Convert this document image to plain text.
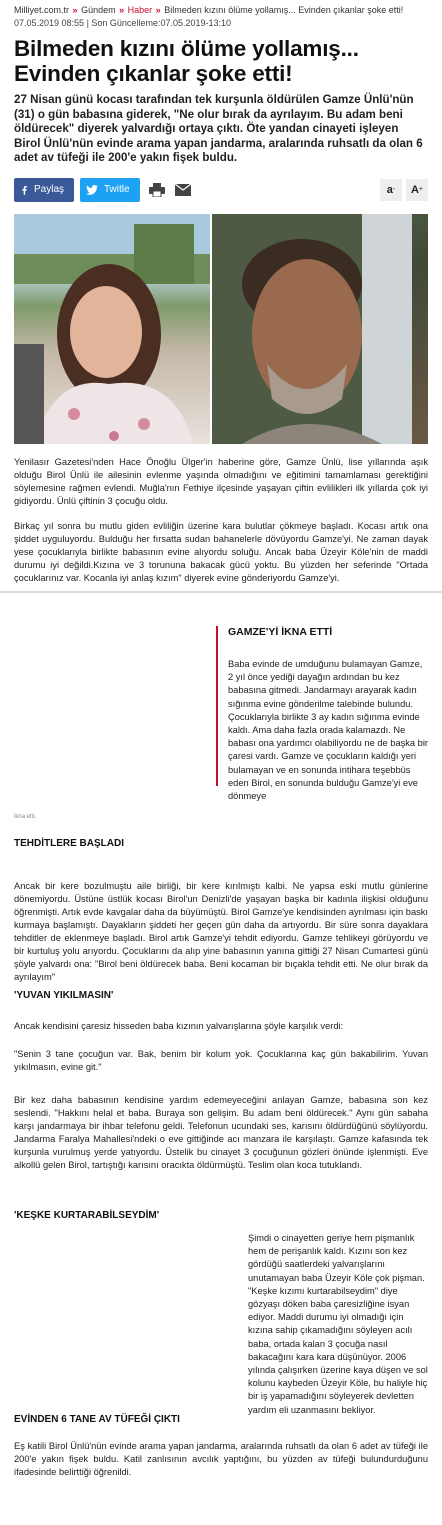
Milliyet.com.tr » Gündem » Haber » Bilmeden kızını ölüme yollamış... Evinden çıkanlar şoke etti!
07.05.2019 08:55 | Son Güncelleme:07.05.2019-13:10
Bilmeden kızını ölüme yollamış... Evinden çıkanlar şoke etti!

27 Nisan günü kocası tarafından tek kurşunla öldürülen Gamze Ünlü'nün (31) o gün babasına giderek, "Ne olur bırak da ayrılayım. Bu adam beni öldürecek" diyerek yalvardığı ortaya çıktı. Öte yandan cinayeti işleyen Birol Ünlü'nün evinde arama yapan jandarma, aralarında ruhsatlı da olan 6 adet av tüfeği ile 200'e yakın fişek buldu.

Paylaş	Twitle	a - A +

Yenilasır Gazetesi'nden Hace Önoğlu Ülger'in haberine göre, Gamze Ünlü, lise yıllarında aşık olduğu Birol Ünlü ile ailesinin evlenme yaşında olmadığını ve eğitimini tamamlaması gerektiğini söylemesine rağmen evlendi. Muğla'nın Fethiye ilçesinde yaşayan çiftin evlilikleri ilk yıllarda çok iyi gidiyordu. Ünlü çiftinin 3 çocuğu oldu.

Birkaç yıl sonra bu mutlu giden evliliğin üzerine kara bulutlar çökmeye başladı. Kocası artık ona şiddet uyguluyordu. Bulduğu her fırsatta sudan bahanelerle dövüyordu Gamze'yi. Ne zaman dayak yese çocuklarıyla birlikte babasının evine alıyordu soluğu. Ancak baba Üzeyir Köle'nin de maddi durumu iyi değildi.Kızına ve 3 torununa bakacak gücü yoktu. Bu yüzden her seferinde "Ortada çocuklarınız var. Kocanla iyi anlaş kızım" diyerek evine gönderiyordu Gamze'yi.

GAMZE'Yİ İKNA ETTİ

Baba evinde de umduğunu bulamayan Gamze, 2 yıl önce yediği dayağın ardından bu kez babasına gitmedi. Jandarmayı arayarak kadın sığınma evine gönderilme talebinde bulundu. Çocuklarıyla birlikte 3 ay kadın sığınma evinde kaldı. Ama daha fazla orada kalamazdı. Ne babası ona yardımcı olabiliyordu ne de başka bir çaresi vardı. Gamze ve çocukların kaldığı yeri bulamayan ve en sonunda intihara teşebbüs eden Birol, en sonunda bulduğu Gamze'yi eve dönmeye

ikna etti.
TEHDİTLERE BAŞLADI

Ancak bir kere bozulmuştu aile birliği, bir kere kırılmıştı kalbi. Ne yapsa eski mutlu günlerine dönemiyordu. Üstüne üstlük kocası Birol'un Denizli'de yaşayan başka bir kadınla ilişkisi olduğunu öğrenmişti. Artık evde kavgalar daha da büyümüştü. Birol Gamze'ye kendisinden ayrılması için baskı kurmaya başlamıştı. Dayakların şiddeti her geçen gün daha da artıyordu. Bir süre sonra dayaklara tehditler de eklenmeye başladı. Birol artık Gamze'yi tehdit ediyordu. Gamze tehlikeyi görüyordu ve bir kurtuluş yolu arıyordu. Çocuklarını da alıp yine babasının yanına gittiği 27 Nisan Cumartesi günü şöyle yalvardı ona: "Birol beni öldürecek baba. Beni kocaman bir bıçakla tehdit etti. Ne olur bırak da ayrılayım"

'YUVAN YIKILMASIN'

Ancak kendisini çaresiz hisseden baba kızının yalvarışlarına şöyle karşılık verdi:

"Senin 3 tane çocuğun var. Bak, benim bir kolum yok. Çocuklarına kaç gün bakabilirim. Yuvan yıkılmasın, evine git."

Bir kez daha babasının kendisine yardım edemeyeceğini anlayan Gamze, babasına son kez seslendi. "Hakkını helal et baba. Buraya son gelişim. Bu adam beni öldürecek." Aynı gün sabaha karşı jandarmaya bir ihbar telefonu geldi. Telefonun ucundaki ses, karısını öldürdüğünü söylüyordu. Jandarma Faralya Mahallesi'ndeki o eve gittiğinde acı manzara ile karşılaştı. Gamze kafasında tek kurşunla vurulmuş yerde yatıyordu. Üstelik bu cinayet 3 çocuğunun gözleri önünde işlenmişti. Eve alkollü gelen Birol, tartıştığı karısını oracıkta öldürmüştü. Teslim olan koca tutuklandı.

'KEŞKE KURTARABİLSEYDİM'

Şimdi o cinayetten geriye hem pişmanlık hem de perişanlık kaldı. Kızını son kez gördüğü saatlerdeki yalvarışlarını unutamayan baba Üzeyir Köle çok pişman. "Keşke kızımı kurtarabilseydim" diye gözyaşı döken baba çaresizliğine isyan ediyor. Maddi durumu iyi olmadığı için kızına sahip çıkamadığını söyleyen acılı baba, ortada kalan 3 çocuğa nasıl bakacağını kara kara düşünüyor. 2006 yılında çalışırken üzerine kaya düşen ve sol kolunu kaybeden Üzeyir Köle, bu haliyle hiç bir iş yapamadığını söyleyerek devletten yardım eli uzanmasını bekliyor.

EVİNDEN 6 TANE AV TÜFEĞİ ÇIKTI

Eş katili Birol Ünlü'nün evinde arama yapan jandarma, aralarında ruhsatlı da olan 6 adet av tüfeği ile 200'e yakın fişek buldu. Katil zanlısının avcılık yaptığını, bu yüzden av tüfeği bulundurduğunu ifadesinde belirttiği öğrenildi.
